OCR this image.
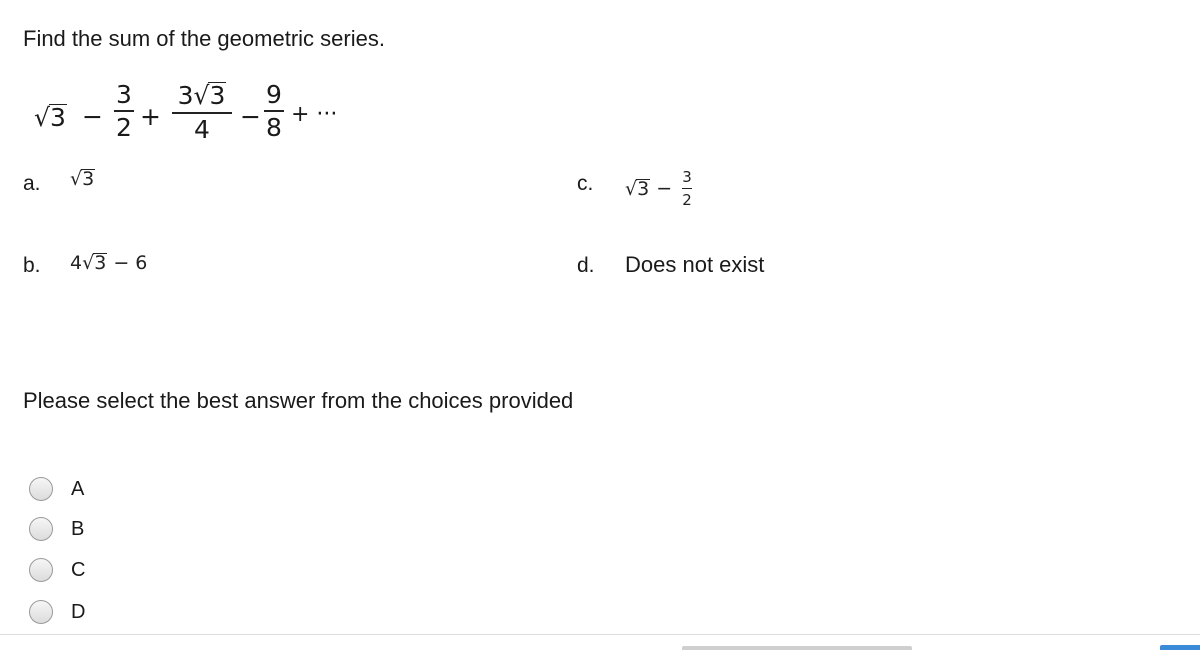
Find the sum of the geometric series.
√3 −
3
2 +
3√3
4	−
9
8 + ···
a. √3
b. 4√3 − 6
c. $√3 - \frac{3}{2}$
d. Does not exist
Please select the best answer from the choices provided
A
B
C
D
